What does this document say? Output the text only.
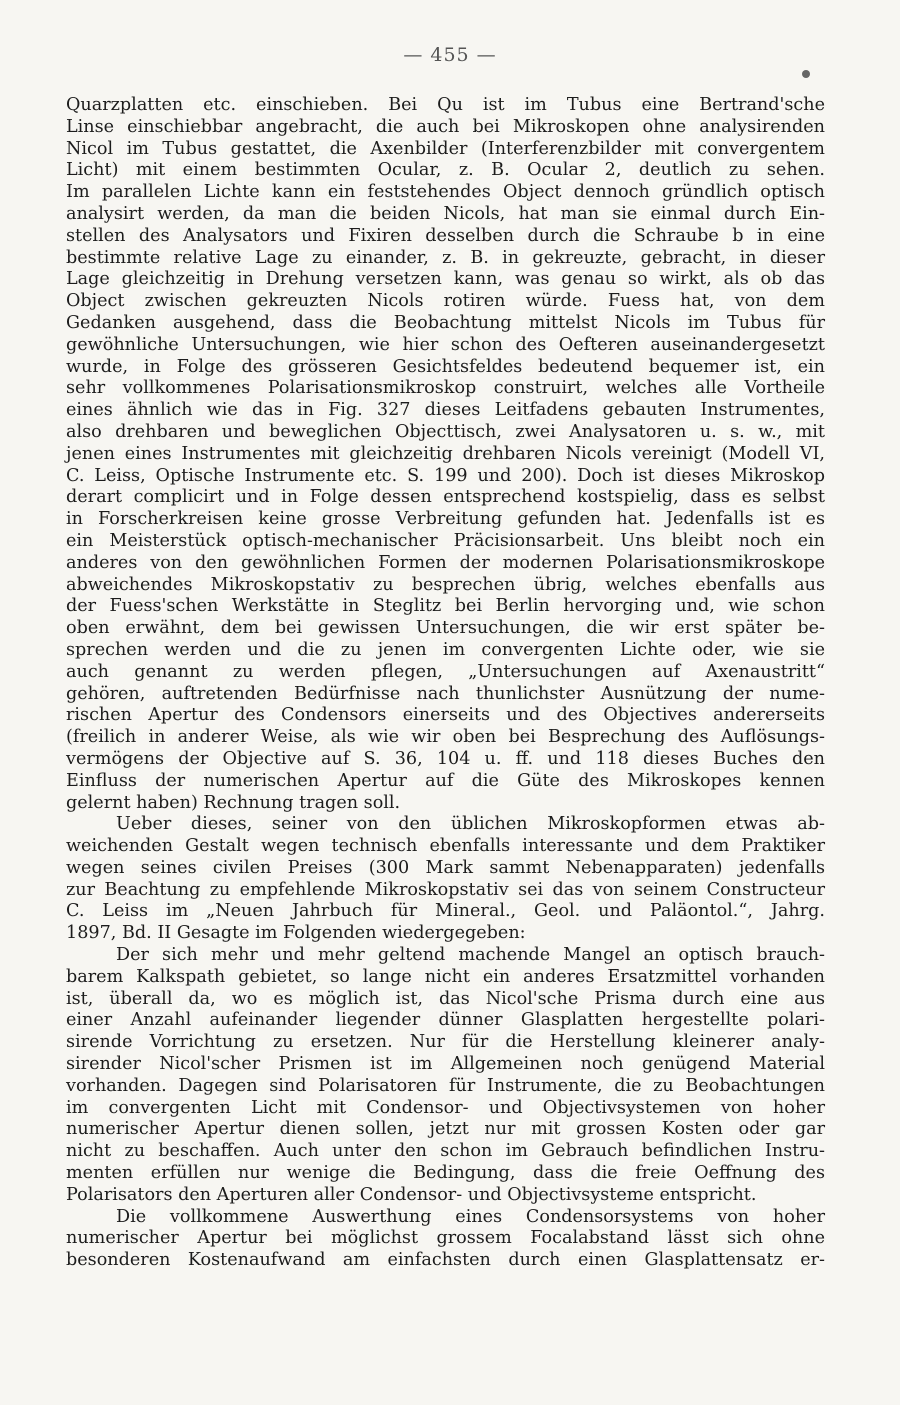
— 455 —
Quarzplatten etc. einschieben. Bei Qu ist im Tubus eine Bertrand'sche
Linse einschiebbar angebracht, die auch bei Mikroskopen ohne analysirenden
Nicol im Tubus gestattet, die Axenbilder (Interferenzbilder mit convergentem
Licht) mit einem bestimmten Ocular, z. B. Ocular 2, deutlich zu sehen.
Im parallelen Lichte kann ein feststehendes Object dennoch gründlich optisch
analysirt werden, da man die beiden Nicols, hat man sie einmal durch Ein-
stellen des Analysators und Fixiren desselben durch die Schraube b in eine
bestimmte relative Lage zu einander, z. B. in gekreuzte, gebracht, in dieser
Lage gleichzeitig in Drehung versetzen kann, was genau so wirkt, als ob das
Object zwischen gekreuzten Nicols rotiren würde. Fuess hat, von dem
Gedanken ausgehend, dass die Beobachtung mittelst Nicols im Tubus für
gewöhnliche Untersuchungen, wie hier schon des Oefteren auseinandergesetzt
wurde, in Folge des grösseren Gesichtsfeldes bedeutend bequemer ist, ein
sehr vollkommenes Polarisationsmikroskop construirt, welches alle Vortheile
eines ähnlich wie das in Fig. 327 dieses Leitfadens gebauten Instrumentes,
also drehbaren und beweglichen Objecttisch, zwei Analysatoren u. s. w., mit
jenen eines Instrumentes mit gleichzeitig drehbaren Nicols vereinigt (Modell VI,
C. Leiss, Optische Instrumente etc. S. 199 und 200). Doch ist dieses Mikroskop
derart complicirt und in Folge dessen entsprechend kostspielig, dass es selbst
in Forscherkreisen keine grosse Verbreitung gefunden hat. Jedenfalls ist es
ein Meisterstück optisch-mechanischer Präcisionsarbeit. Uns bleibt noch ein
anderes von den gewöhnlichen Formen der modernen Polarisationsmikroskope
abweichendes Mikroskopstativ zu besprechen übrig, welches ebenfalls aus
der Fuess'schen Werkstätte in Steglitz bei Berlin hervorging und, wie schon
oben erwähnt, dem bei gewissen Untersuchungen, die wir erst später be-
sprechen werden und die zu jenen im convergenten Lichte oder, wie sie
auch genannt zu werden pflegen, „Untersuchungen auf Axenaustritt“
gehören, auftretenden Bedürfnisse nach thunlichster Ausnützung der nume-
rischen Apertur des Condensors einerseits und des Objectives andererseits
(freilich in anderer Weise, als wie wir oben bei Besprechung des Auflösungs-
vermögens der Objective auf S. 36, 104 u. ff. und 118 dieses Buches den
Einfluss der numerischen Apertur auf die Güte des Mikroskopes kennen
gelernt haben) Rechnung tragen soll.
Ueber dieses, seiner von den üblichen Mikroskopformen etwas ab-
weichenden Gestalt wegen technisch ebenfalls interessante und dem Praktiker
wegen seines civilen Preises (300 Mark sammt Nebenapparaten) jedenfalls
zur Beachtung zu empfehlende Mikroskopstativ sei das von seinem Constructeur
C. Leiss im „Neuen Jahrbuch für Mineral., Geol. und Paläontol.“, Jahrg.
1897, Bd. II Gesagte im Folgenden wiedergegeben:
Der sich mehr und mehr geltend machende Mangel an optisch brauch-
barem Kalkspath gebietet, so lange nicht ein anderes Ersatzmittel vorhanden
ist, überall da, wo es möglich ist, das Nicol'sche Prisma durch eine aus
einer Anzahl aufeinander liegender dünner Glasplatten hergestellte polari-
sirende Vorrichtung zu ersetzen. Nur für die Herstellung kleinerer analy-
sirender Nicol'scher Prismen ist im Allgemeinen noch genügend Material
vorhanden. Dagegen sind Polarisatoren für Instrumente, die zu Beobachtungen
im convergenten Licht mit Condensor- und Objectivsystemen von hoher
numerischer Apertur dienen sollen, jetzt nur mit grossen Kosten oder gar
nicht zu beschaffen. Auch unter den schon im Gebrauch befindlichen Instru-
menten erfüllen nur wenige die Bedingung, dass die freie Oeffnung des
Polarisators den Aperturen aller Condensor- und Objectivsysteme entspricht.
Die vollkommene Auswerthung eines Condensorsystems von hoher
numerischer Apertur bei möglichst grossem Focalabstand lässt sich ohne
besonderen Kostenaufwand am einfachsten durch einen Glasplattensatz er-
